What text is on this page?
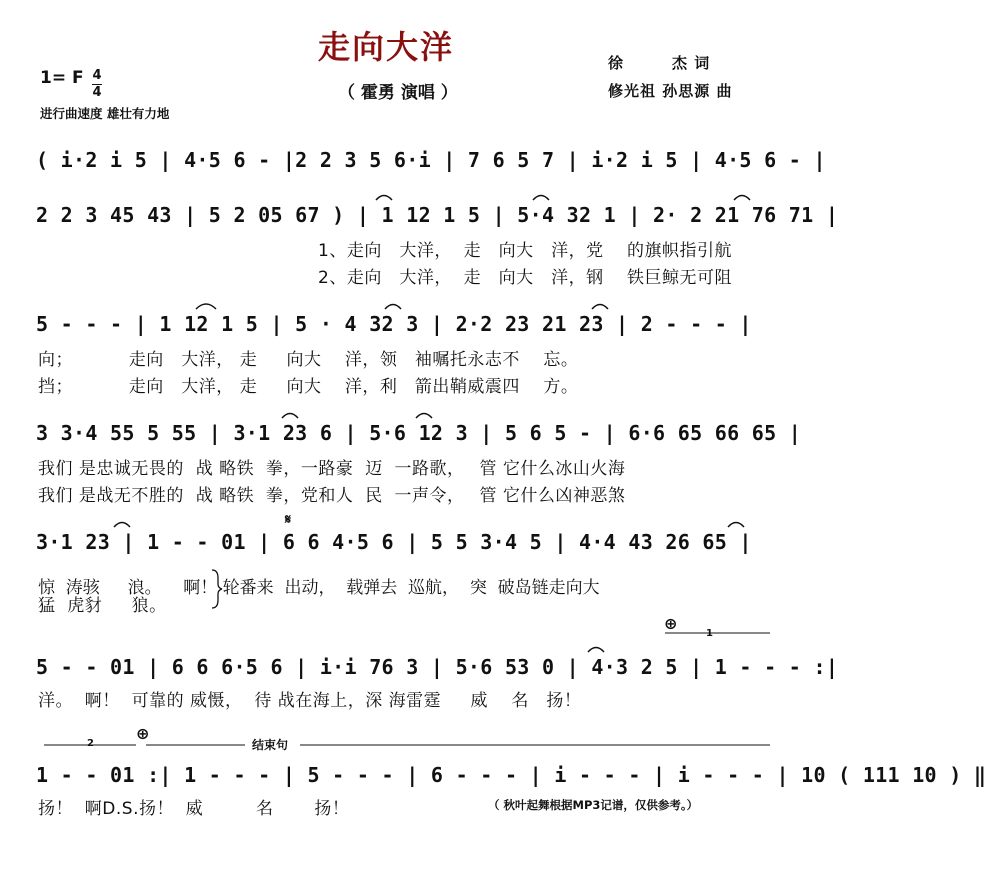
走向大洋
（ 霍勇 演唱 ）
徐　　　杰 词
修光祖 孙思源 曲
1= F 4
4
进行曲速度 雄壮有力地
( i·2 i 5 | 4·5 6 - |2 2 3 5 6·i | 7 6 5 7 | i·2 i 5 | 4·5 6 - |
2 2 3 45 43 | 5 2 05 67 ) | 1 12 1 5 | 5·4 32 1 | 2· 2 21 76 71 |
1、走向　大洋，  走　向大　洋，党　 的旗帜指引航
2、走向　大洋，  走　向大　洋，钢　 铁巨鲸无可阻
5 - - - | 1 12 1 5 | 5 · 4 32 3 | 2·2 23 21 23 | 2 - - - |
向；　　　  走向　大洋， 走　  向大　 洋，领　袖嘱托永志不　 忘。
挡；　　　  走向　大洋， 走　  向大　 洋，利　箭出鞘威震四　 方。
3 3·4 55 5 55 | 3·1 23 6 | 5·6 12 3 | 5 6 5 - | 6·6 65 66 65 |
我们 是忠诚无畏的  战 略铁  拳，一路豪  迈  一路歌，　 管 它什么冰山火海
我们 是战无不胜的  战 略铁  拳，党和人  民  一声令，　 管 它什么凶神恶煞
𝄋
3·1 23 | 1 - - 01 | 6 6 4·5 6 | 5 5 3·4 5 | 4·4 43 26 65 |
惊  涛骇　  浪。    啊！ 轮番来  出动，  载弹去  巡航，  突  破岛链走向大
猛  虎豺　  狼。
⊕
1
5 - - 01 | 6 6 6·5 6 | i·i 76 3 | 5·6 53 0 | 4·3 2 5 | 1 - - - :|
洋。  啊！  可靠的 威慑，  待 战在海上，深 海雷霆 　 威　 名　扬！
⊕
2	结束句
1 - - 01 :| 1 - - - | 5 - - - | 6 - - - | i - - - | i - - - | 10 ( 111 10 ) ‖
扬！  啊D.S.扬！  威　　   名　　 扬！	（ 秋叶起舞根据MP3记谱，仅供参考。）
